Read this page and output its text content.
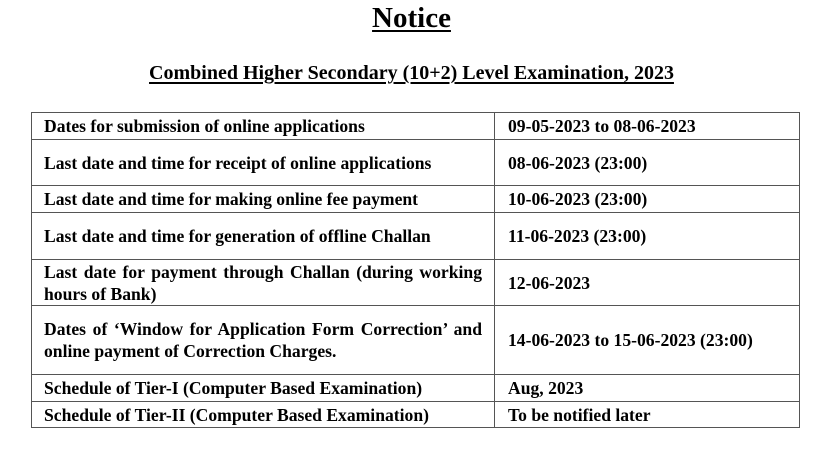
Notice
Combined Higher Secondary (10+2) Level Examination, 2023
Dates for submission of online applications	09-05-2023 to 08-06-2023
Last date and time for receipt of online applications	08-06-2023 (23:00)
Last date and time for making online fee payment	10-06-2023 (23:00)
Last date and time for generation of offline Challan	11-06-2023 (23:00)
Last date for payment through Challan (during working hours of Bank)	12-06-2023
Dates of ‘Window for Application Form Correction’ and online payment of Correction Charges.	14-06-2023 to 15-06-2023 (23:00)
Schedule of Tier-I (Computer Based Examination)	Aug, 2023
Schedule of Tier-II (Computer Based Examination)	To be notified later
